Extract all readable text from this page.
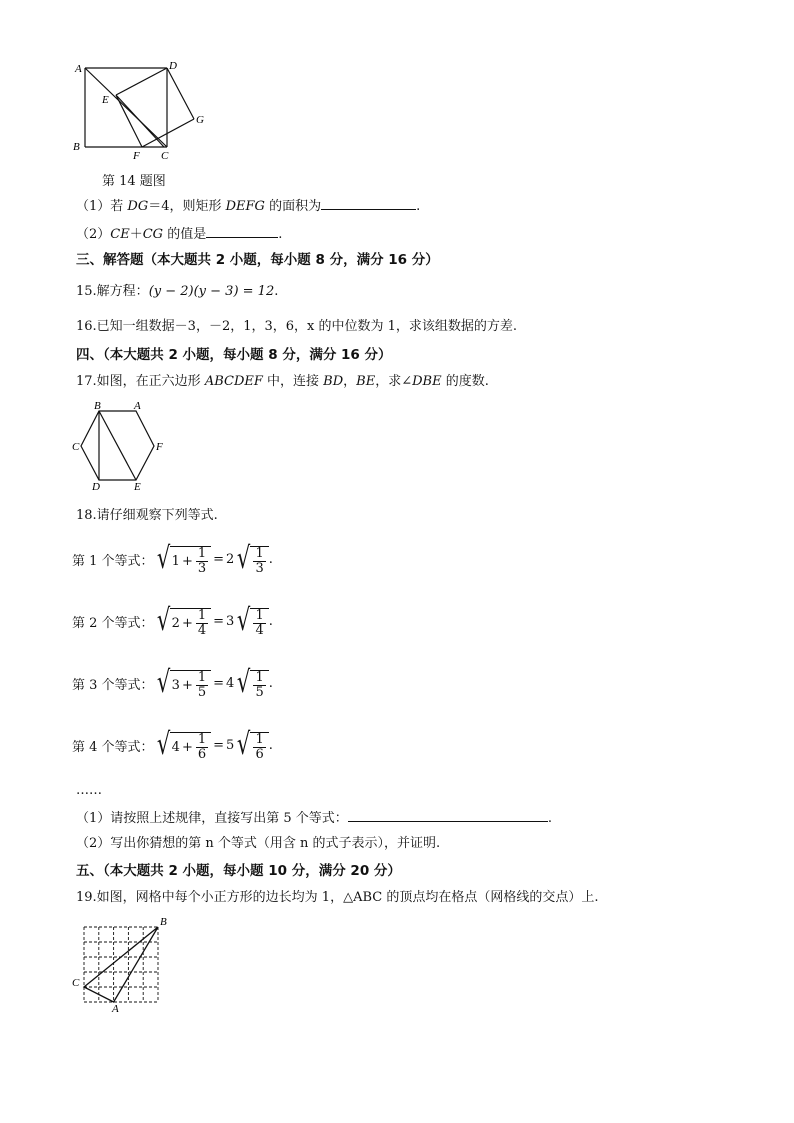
A	D
E
G
B
F C
第 14 题图
（1）若 DG＝4，则矩形 DEFG 的面积为	.
（2）CE＋CG 的值是	.
三、解答题（本大题共 2 小题，每小题 8 分，满分 16 分）
15.解方程：(y − 2)(y − 3) = 12.
16.已知一组数据－3，－2，1，3，6，x 的中位数为 1，求该组数据的方差.
四、（本大题共 2 小题，每小题 8 分，满分 16 分）
17.如图，在正六边形 ABCDEF 中，连接 BD，BE，求∠DBE 的度数.
B	A
C	F
D	E
18.请仔细观察下列等式.
第 1 个等式： √ $1 + \frac{1}{3} = 2$ √ $\frac{1}{3}$ .
第 2 个等式： √ $2 + \frac{1}{4} = 3$ √ $\frac{1}{4}$ .
第 3 个等式： √ $3 + \frac{1}{5} = 4$ √ $\frac{1}{5}$ .
第 4 个等式： √ $4 + \frac{1}{6} = 5$ √ $\frac{1}{6}$ .
……
（1）请按照上述规律，直接写出第 5 个等式：	.
（2）写出你猜想的第 n 个等式（用含 n 的式子表示），并证明.
五、（本大题共 2 小题，每小题 10 分，满分 20 分）
19.如图，网格中每个小正方形的边长均为 1，△ABC 的顶点均在格点（网格线的交点）上.
B
C
A
